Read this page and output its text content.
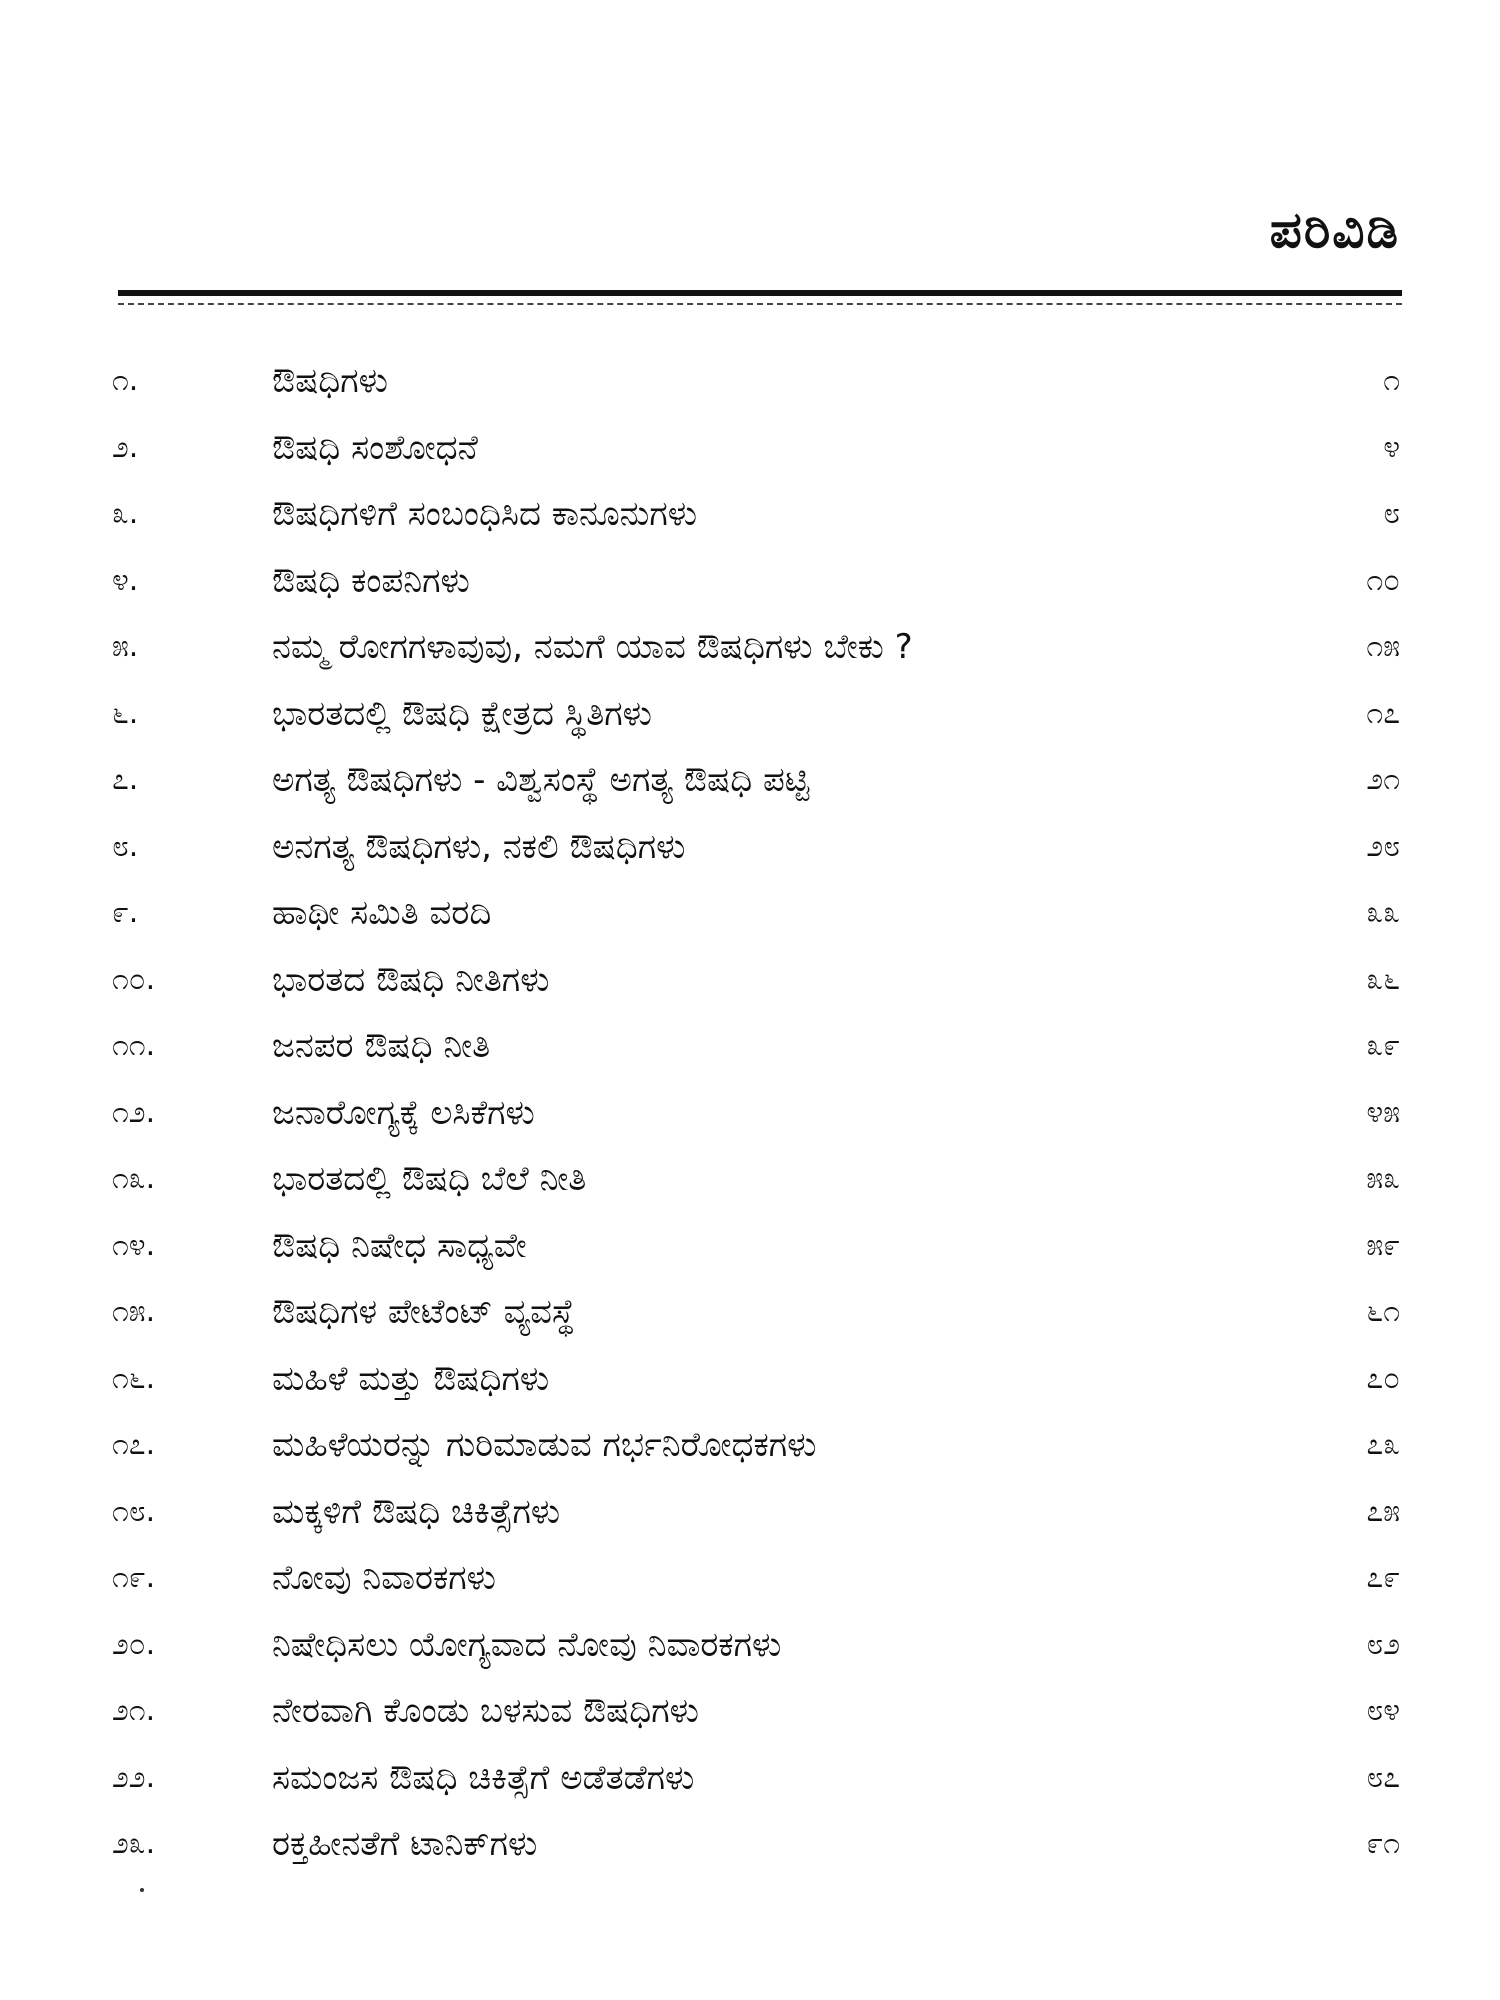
ಪರಿವಿಡಿ
೧.	ಔಷಧಿಗಳು	೧
೨.	ಔಷಧಿ ಸಂಶೋಧನೆ	೪
೩.	ಔಷಧಿಗಳಿಗೆ ಸಂಬಂಧಿಸಿದ ಕಾನೂನುಗಳು	೮
೪.	ಔಷಧಿ ಕಂಪನಿಗಳು	೧೦
೫.	ನಮ್ಮ ರೋಗಗಳಾವುವು, ನಮಗೆ ಯಾವ ಔಷಧಿಗಳು ಬೇಕು ?	೧೫
೬.	ಭಾರತದಲ್ಲಿ ಔಷಧಿ ಕ್ಷೇತ್ರದ ಸ್ಥಿತಿಗಳು	೧೭
೭.	ಅಗತ್ಯ ಔಷಧಿಗಳು - ವಿಶ್ವಸಂಸ್ಥೆ ಅಗತ್ಯ ಔಷಧಿ ಪಟ್ಟಿ	೨೧
೮.	ಅನಗತ್ಯ ಔಷಧಿಗಳು, ನಕಲಿ ಔಷಧಿಗಳು	೨೮
೯.	ಹಾಥೀ ಸಮಿತಿ ವರದಿ	೩೩
೧೦.	ಭಾರತದ ಔಷಧಿ ನೀತಿಗಳು	೩೬
೧೧.	ಜನಪರ ಔಷಧಿ ನೀತಿ	೩೯
೧೨.	ಜನಾರೋಗ್ಯಕ್ಕೆ ಲಸಿಕೆಗಳು	೪೫
೧೩.	ಭಾರತದಲ್ಲಿ ಔಷಧಿ ಬೆಲೆ ನೀತಿ	೫೩
೧೪.	ಔಷಧಿ ನಿಷೇಧ ಸಾಧ್ಯವೇ	೫೯
೧೫.	ಔಷಧಿಗಳ ಪೇಟೆಂಟ್ ವ್ಯವಸ್ಥೆ	೬೧
೧೬.	ಮಹಿಳೆ ಮತ್ತು ಔಷಧಿಗಳು	೭೦
೧೭.	ಮಹಿಳೆಯರನ್ನು ಗುರಿಮಾಡುವ ಗರ್ಭನಿರೋಧಕಗಳು	೭೩
೧೮.	ಮಕ್ಕಳಿಗೆ ಔಷಧಿ ಚಿಕಿತ್ಸೆಗಳು	೭೫
೧೯.	ನೋವು ನಿವಾರಕಗಳು	೭೯
೨೦.	ನಿಷೇಧಿಸಲು ಯೋಗ್ಯವಾದ ನೋವು ನಿವಾರಕಗಳು	೮೨
೨೧.	ನೇರವಾಗಿ ಕೊಂಡು ಬಳಸುವ ಔಷಧಿಗಳು	೮೪
೨೨.	ಸಮಂಜಸ ಔಷಧಿ ಚಿಕಿತ್ಸೆಗೆ ಅಡೆತಡೆಗಳು	೮೭
೨೩.	ರಕ್ತಹೀನತೆಗೆ ಟಾನಿಕ್‌ಗಳು	೯೧
